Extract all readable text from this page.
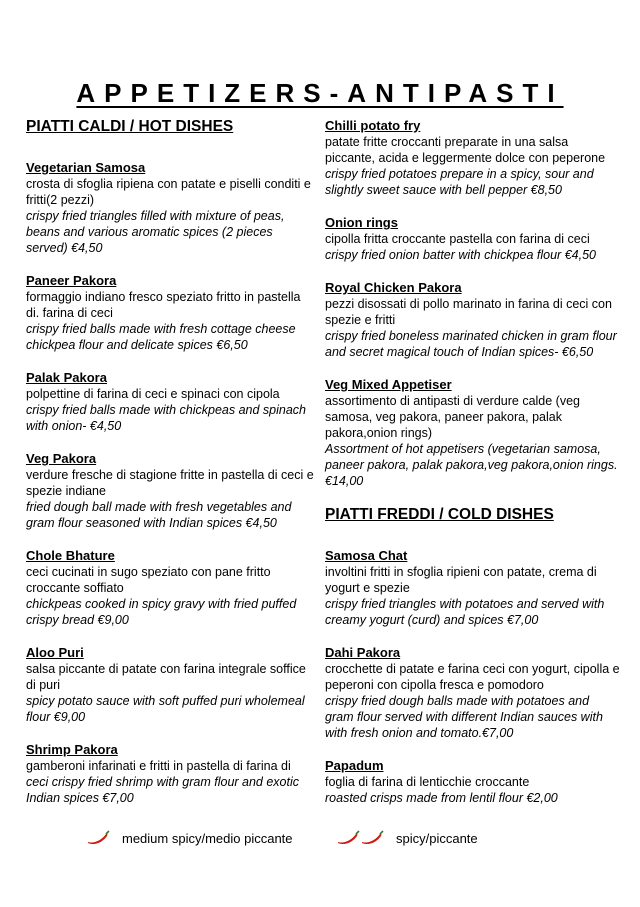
APPETIZERS-ANTIPASTI
PIATTI CALDI / HOT DISHES
Vegetarian Samosa
crosta di sfoglia ripiena con patate e piselli conditi e fritti(2 pezzi)
crispy fried triangles filled with mixture of peas, beans and various aromatic spices (2 pieces served) €4,50
Paneer Pakora
formaggio indiano fresco speziato fritto in pastella di. farina di ceci
crispy fried balls made with fresh cottage cheese chickpea flour and delicate spices €6,50
Palak Pakora
polpettine di farina di ceci e spinaci con cipola
crispy fried balls made with chickpeas and spinach with onion- €4,50
Veg Pakora
verdure fresche di stagione fritte in pastella di ceci e spezie indiane
fried dough ball made with fresh vegetables and gram flour seasoned with Indian spices €4,50
Chole Bhature
ceci cucinati in sugo speziato con pane fritto croccante soffiato
chickpeas cooked in spicy gravy with fried puffed crispy bread €9,00
Aloo Puri
salsa piccante di patate con farina integrale soffice di puri
spicy potato sauce with soft puffed puri wholemeal flour €9,00
Shrimp Pakora
gamberoni infarinati e fritti in pastella di farina di
ceci crispy fried shrimp with gram flour and exotic Indian spices €7,00
Chilli potato fry
patate fritte croccanti preparate in una salsa piccante, acida e leggermente dolce con peperone
crispy fried potatoes prepare in a spicy, sour and slightly sweet sauce with bell pepper €8,50
Onion rings
cipolla fritta croccante pastella con farina di ceci
crispy fried onion batter with chickpea flour €4,50
Royal Chicken Pakora
pezzi disossati di pollo marinato in farina di ceci con spezie e fritti
crispy fried boneless marinated chicken in gram flour and secret magical touch of Indian spices- €6,50
Veg Mixed Appetiser
assortimento di antipasti di verdure calde (veg samosa, veg pakora, paneer pakora, palak pakora,onion rings)
Assortment of hot appetisers (vegetarian samosa, paneer pakora, palak pakora,veg pakora,onion rings.€14,00
PIATTI FREDDI / COLD DISHES
Samosa Chat
involtini fritti in sfoglia ripieni con patate, crema di yogurt e spezie
crispy fried triangles with potatoes and served with creamy yogurt (curd) and spices €7,00
Dahi Pakora
crocchette di patate e farina ceci con yogurt, cipolla e peperoni con cipolla fresca e pomodoro
crispy fried dough balls made with potatoes and gram flour served with different Indian sauces with with fresh onion and tomato.€7,00
Papadum
foglia di farina di lenticchie croccante
roasted crisps made from lentil flour €2,00
medium spicy/medio piccante	spicy/piccante
